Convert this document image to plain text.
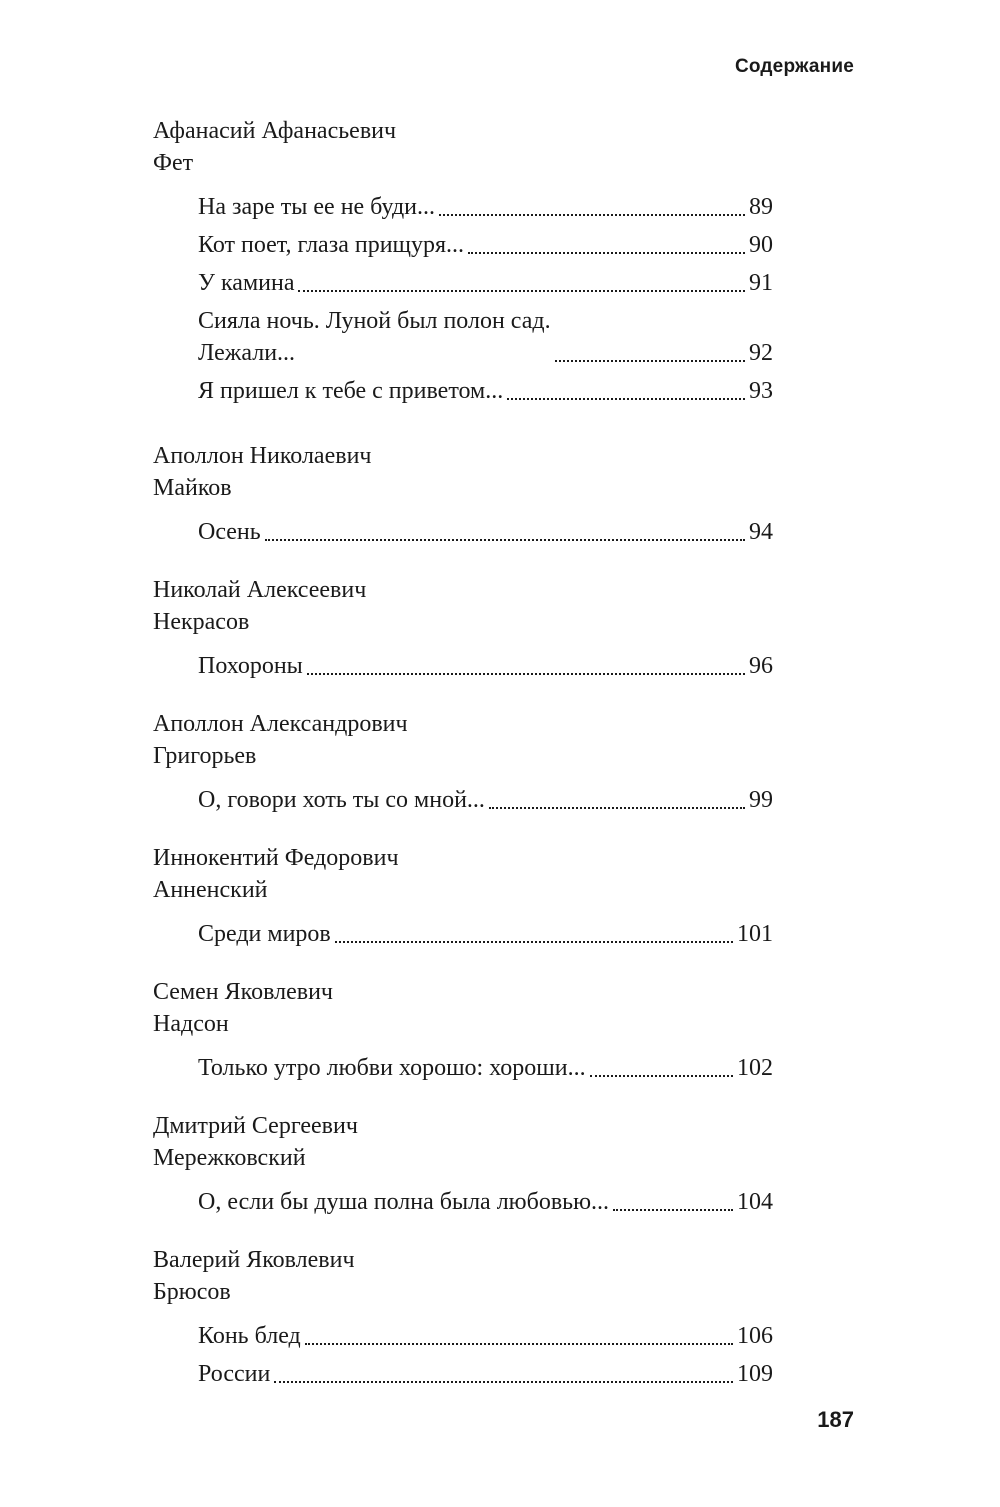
Содержание

Афанасий Афанасьевич

Фет

На заре ты ее не буди...	89
Кот поет, глаза прищуря...	90
У камина	91
Сияла ночь. Луной был полон сад.
Лежали...	92
Я пришел к тебе с приветом...	93

Аполлон Николаевич

Майков

Осень	94

Николай Алексеевич

Некрасов

Похороны	96

Аполлон Александрович

Григорьев

О, говори хоть ты со мной...	99

Иннокентий Федорович

Анненский

Среди миров	101

Семен Яковлевич

Надсон

Только утро любви хорошо: хороши...	102

Дмитрий Сергеевич

Мережковский

О, если бы душа полна была любовью...	104

Валерий Яковлевич

Брюсов

Конь блед	106
России	109
187
